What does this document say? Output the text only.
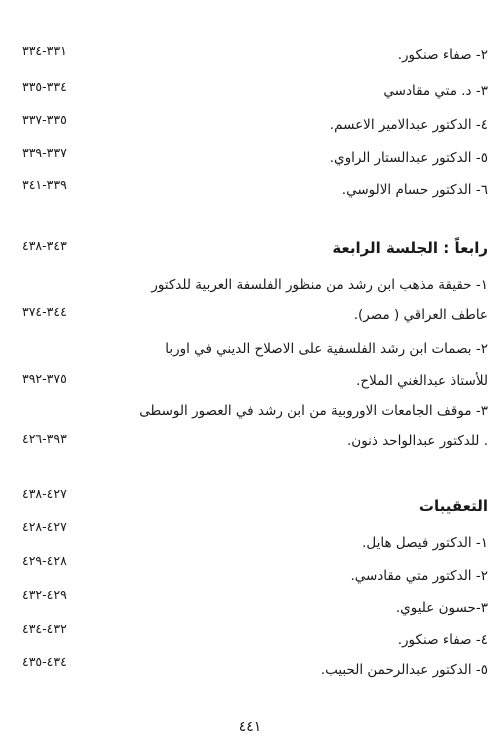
٢- صفاء صنكور.
٣٣١-٣٣٤
٣- د. متي مقادسي
٣٣٤-٣٣٥
٤- الدكتور عبدالامير الاعسم.
٣٣٥-٣٣٧
٥- الدكتور عبدالستار الراوي.
٣٣٧-٣٣٩
٦- الدكتور حسام الالوسي.
٣٣٩-٣٤١
رابعاً : الجلسة الرابعة
٣٤٣-٤٣٨
١- حقيقة مذهب ابن رشد من منظور الفلسفة العربية للدكتور
عاطف العراقي ( مصر).
٣٤٤-٣٧٤
٢- بصمات ابن رشد الفلسفية على الاصلاح الديني في اوربا
للأستاذ عبدالغني الملاح.
٣٧٥-٣٩٢
٣- موقف الجامعات الاوروبية من ابن رشد في العصور الوسطى
. للدكتور عبدالواحد ذنون.
٣٩٣-٤٢٦
٤٢٧-٤٣٨
التعقيبات
١- الدكتور فيصل هايل.
٤٢٧-٤٢٨
٢- الدكتور متي مقادسي.
٤٢٨-٤٢٩
٣-حسون عليوي.
٤٢٩-٤٣٢
٤- صفاء صنكور.
٤٣٢-٤٣٤
٥- الدكتور عبدالرحمن الحبيب.
٤٣٤-٤٣٥
٤٤١
